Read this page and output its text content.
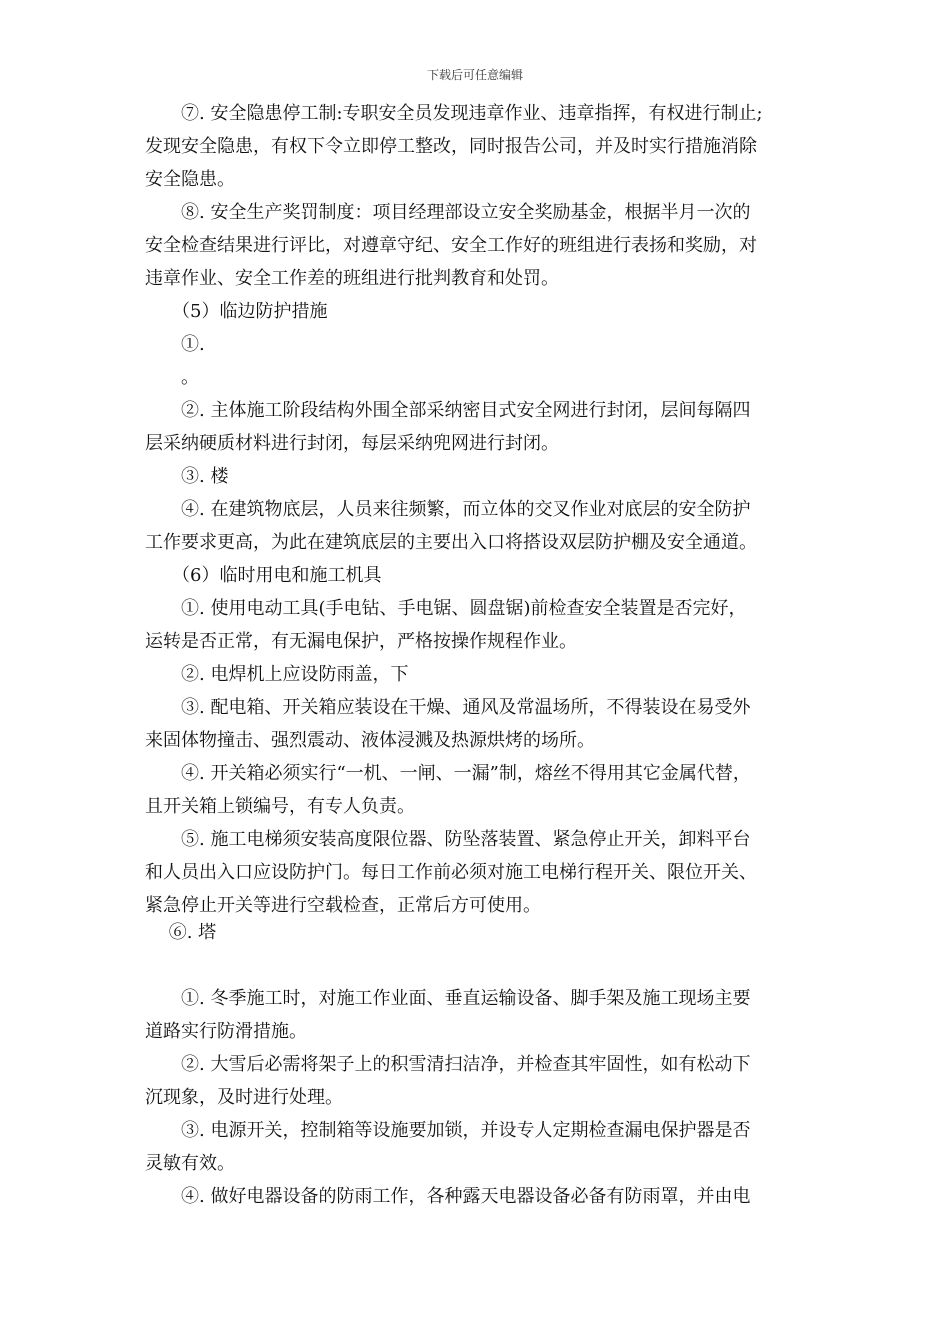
下载后可任意编辑
　　⑦. 安全隐患停工制:专职安全员发现违章作业、违章指挥，有权进行制止;
发现安全隐患，有权下令立即停工整改，同时报告公司，并及时实行措施消除
安全隐患。
　　⑧. 安全生产奖罚制度：项目经理部设立安全奖励基金，根据半月一次的
安全检查结果进行评比，对遵章守纪、安全工作好的班组进行表扬和奖励，对
违章作业、安全工作差的班组进行批判教育和处罚。
　　（5）临边防护措施
　　①.
　　。
　　②. 主体施工阶段结构外围全部采纳密目式安全网进行封闭，层间每隔四
层采纳硬质材料进行封闭，每层采纳兜网进行封闭。
　　③. 楼
　　④. 在建筑物底层，人员来往频繁，而立体的交叉作业对底层的安全防护
工作要求更高，为此在建筑底层的主要出入口将搭设双层防护棚及安全通道。
　　（6）临时用电和施工机具
　　①. 使用电动工具(手电钻、手电锯、圆盘锯)前检查安全装置是否完好，
运转是否正常，有无漏电保护，严格按操作规程作业。
　　②. 电焊机上应设防雨盖，下
　　③. 配电箱、开关箱应装设在干燥、通风及常温场所，不得装设在易受外
来固体物撞击、强烈震动、液体浸溅及热源烘烤的场所。
　　④. 开关箱必须实行“一机、一闸、一漏”制，熔丝不得用其它金属代替，
且开关箱上锁编号，有专人负责。
　　⑤. 施工电梯须安装高度限位器、防坠落装置、紧急停止开关，卸料平台
和人员出入口应设防护门。每日工作前必须对施工电梯行程开关、限位开关、
紧急停止开关等进行空载检查，正常后方可使用。
　 ⑥. 塔
　　①. 冬季施工时，对施工作业面、垂直运输设备、脚手架及施工现场主要
道路实行防滑措施。
　　②. 大雪后必需将架子上的积雪清扫洁净，并检查其牢固性，如有松动下
沉现象，及时进行处理。
　　③. 电源开关，控制箱等设施要加锁，并设专人定期检查漏电保护器是否
灵敏有效。
　　④. 做好电器设备的防雨工作，各种露天电器设备必备有防雨罩，并由电
